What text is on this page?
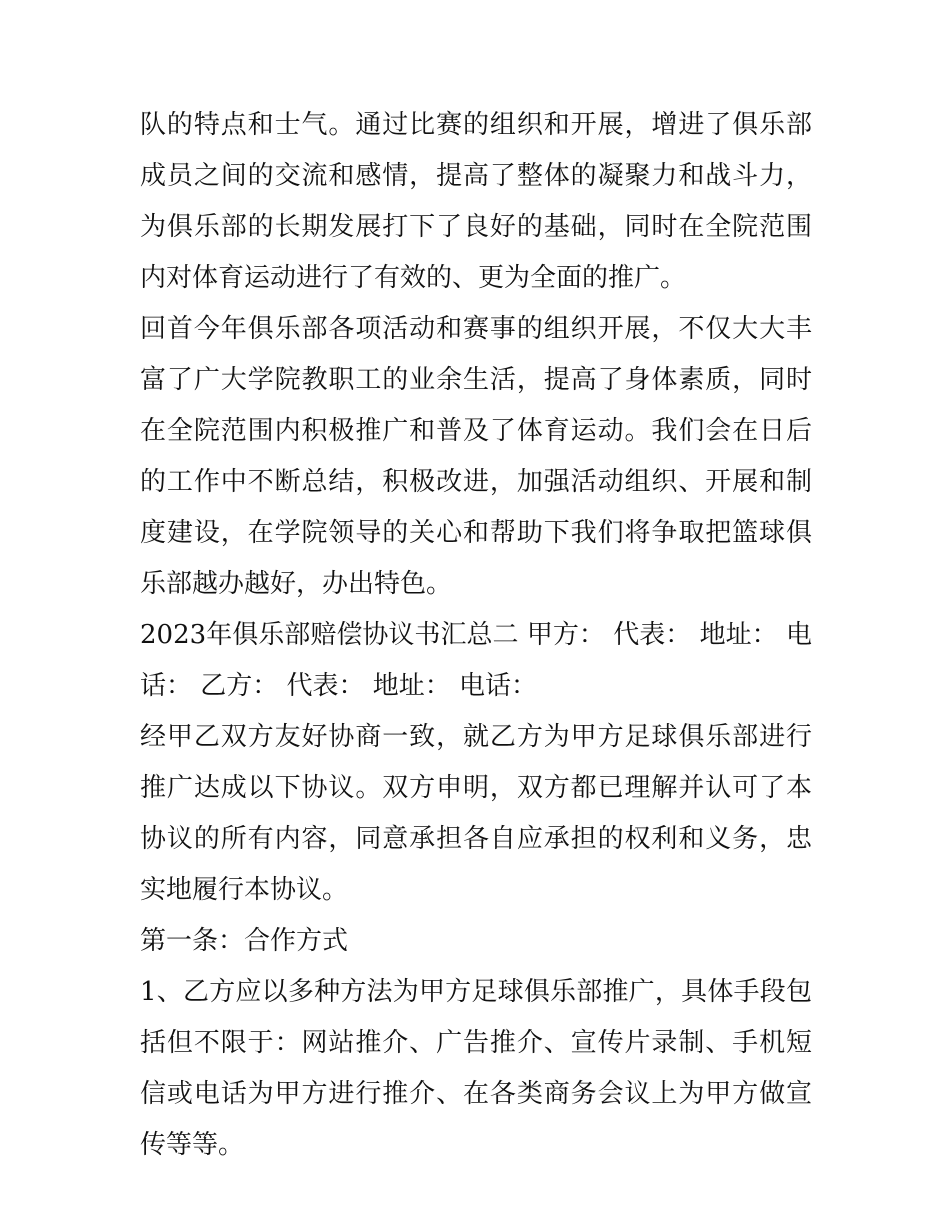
队的特点和士气。通过比赛的组织和开展，增进了俱乐部成员之间的交流和感情，提高了整体的凝聚力和战斗力，为俱乐部的长期发展打下了良好的基础，同时在全院范围内对体育运动进行了有效的、更为全面的推广。

回首今年俱乐部各项活动和赛事的组织开展，不仅大大丰富了广大学院教职工的业余生活，提高了身体素质，同时在全院范围内积极推广和普及了体育运动。我们会在日后的工作中不断总结，积极改进，加强活动组织、开展和制度建设，在学院领导的关心和帮助下我们将争取把篮球俱乐部越办越好，办出特色。

2023年俱乐部赔偿协议书汇总二 甲方： 代表： 地址： 电话： 乙方： 代表： 地址： 电话：

经甲乙双方友好协商一致，就乙方为甲方足球俱乐部进行推广达成以下协议。双方申明，双方都已理解并认可了本协议的所有内容，同意承担各自应承担的权利和义务，忠实地履行本协议。

第一条：合作方式

1、乙方应以多种方法为甲方足球俱乐部推广，具体手段包括但不限于：网站推介、广告推介、宣传片录制、手机短信或电话为甲方进行推介、在各类商务会议上为甲方做宣传等等。
